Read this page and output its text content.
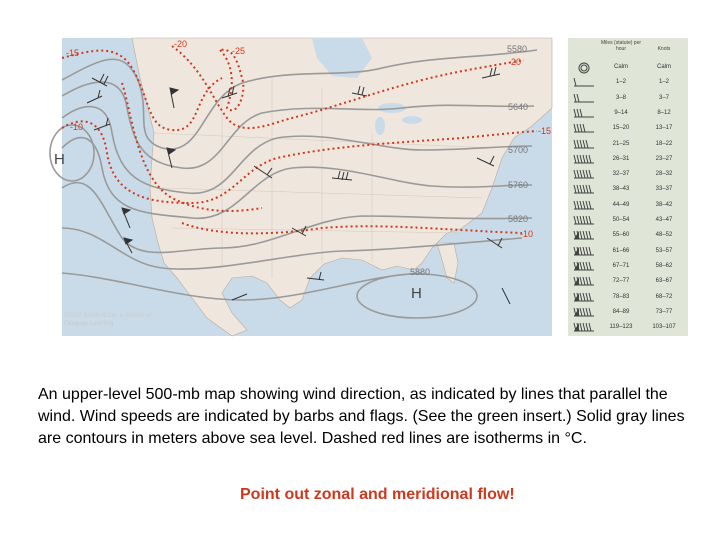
5580
5640
5700
5760
5820
5880
-15
-20
-25
-10	-15
-20
-10
H
H
©2010 Brooks/Cole, a division of
Cengage Learning
Miles (statute) per hour	Knots
Calm	Calm
1–2	1–2
3–8	3–7
9–14	8–12
15–20	13–17
21–25	18–22
26–31	23–27
32–37	28–32
38–43	33–37
44–49	38–42
50–54	43–47
55–60	48–52
61–66	53–57
67–71	58–62
72–77	63–67
78–83	68–72
84–89	73–77
119–123	103–107
An upper-level 500-mb map showing wind direction, as indicated by lines that parallel the wind. Wind speeds are indicated by barbs and flags. (See the green insert.) Solid gray lines are contours in meters above sea level. Dashed red lines are isotherms in °C.
Point out zonal and meridional flow!
